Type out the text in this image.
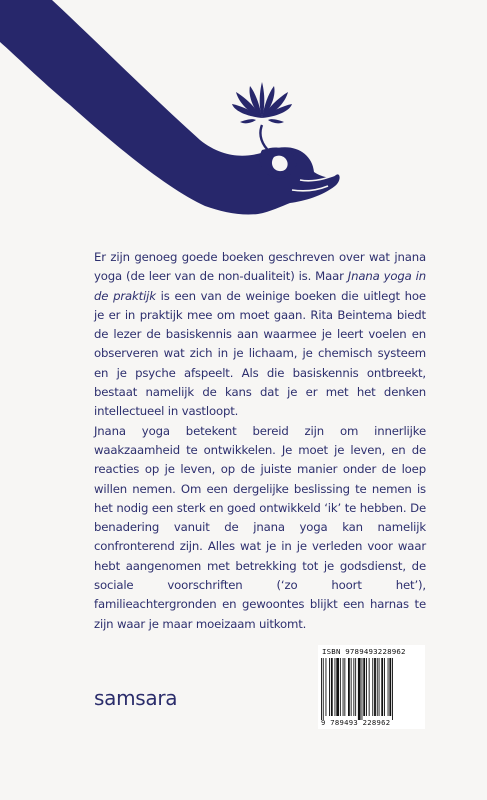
Er zijn genoeg goede boeken geschreven over wat jnana yoga (de leer van de non-dualiteit) is. Maar Jnana yoga in de praktijk is een van de weinige boeken die uitlegt hoe je er in praktijk mee om moet gaan. Rita Beintema biedt de lezer de basiskennis aan waarmee je leert voelen en observeren wat zich in je lichaam, je chemisch systeem en je psyche afspeelt. Als die basiskennis ontbreekt, bestaat namelijk de kans dat je er met het denken intellectueel in vastloopt.

Jnana yoga betekent bereid zijn om innerlijke waakzaamheid te ontwikkelen. Je moet je leven, en de reacties op je leven, op de juiste manier onder de loep willen nemen. Om een dergelijke beslissing te nemen is het nodig een sterk en goed ontwikkeld ‘ik’ te hebben. De benadering vanuit de jnana yoga kan namelijk confronterend zijn. Alles wat je in je verleden voor waar hebt aangenomen met betrekking tot je godsdienst, de sociale voorschriften (‘zo hoort het’), familieachtergronden en gewoontes blijkt een harnas te zijn waar je maar moeizaam uitkomt.

samsara
ISBN 9789493228962
9 789493 228962
